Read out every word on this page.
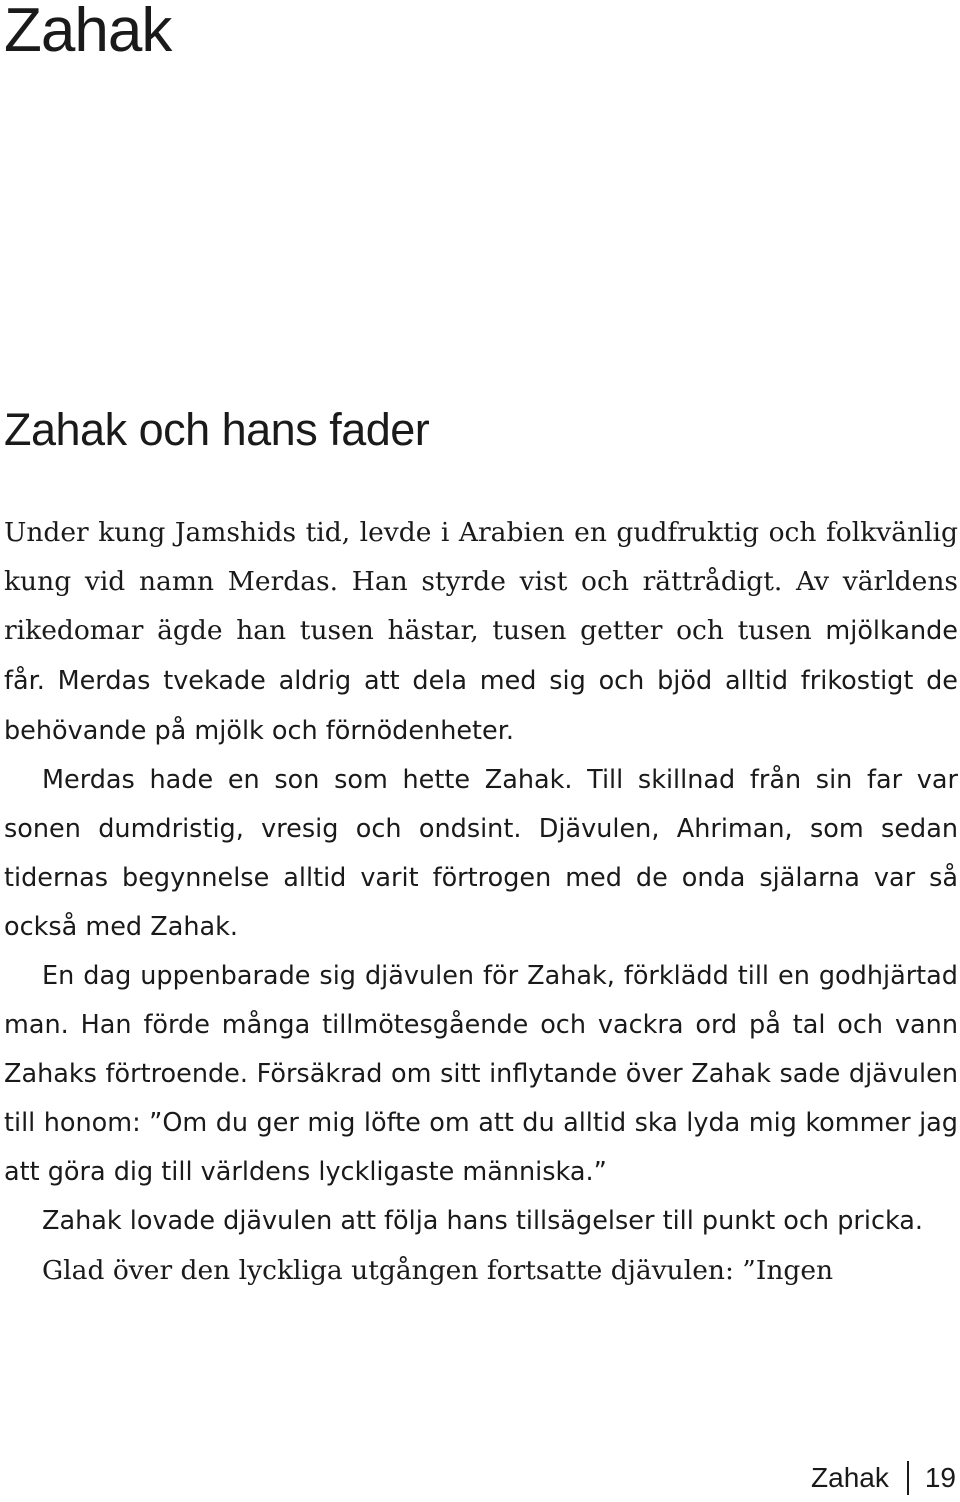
Zahak
Zahak och hans fader

Under kung Jamshids tid, levde i Arabien en gudfruktig och folkvänlig kung vid namn Merdas. Han styrde vist och rättrådigt. Av världens rikedomar ägde han tusen hästar, tusen getter och tusen mjölkande får. Merdas tvekade aldrig att dela med sig och bjöd alltid frikostigt de behövande på mjölk och förnödenheter.

Merdas hade en son som hette Zahak. Till skillnad från sin far var sonen dumdristig, vresig och ondsint. Djävulen, Ahriman, som sedan tidernas begynnelse alltid varit förtrogen med de onda själarna var så också med Zahak.

En dag uppenbarade sig djävulen för Zahak, förklädd till en godhjärtad man. Han förde många tillmötesgående och vackra ord på tal och vann Zahaks förtroende. Försäkrad om sitt inflytande över Zahak sade djävulen till honom: ”Om du ger mig löfte om att du alltid ska lyda mig kommer jag att göra dig till världens lyckligaste människa.”

Zahak lovade djävulen att följa hans tillsägelser till punkt och pricka.

Glad över den lyckliga utgången fortsatte djävulen: ”Ingen

Zahak 19
